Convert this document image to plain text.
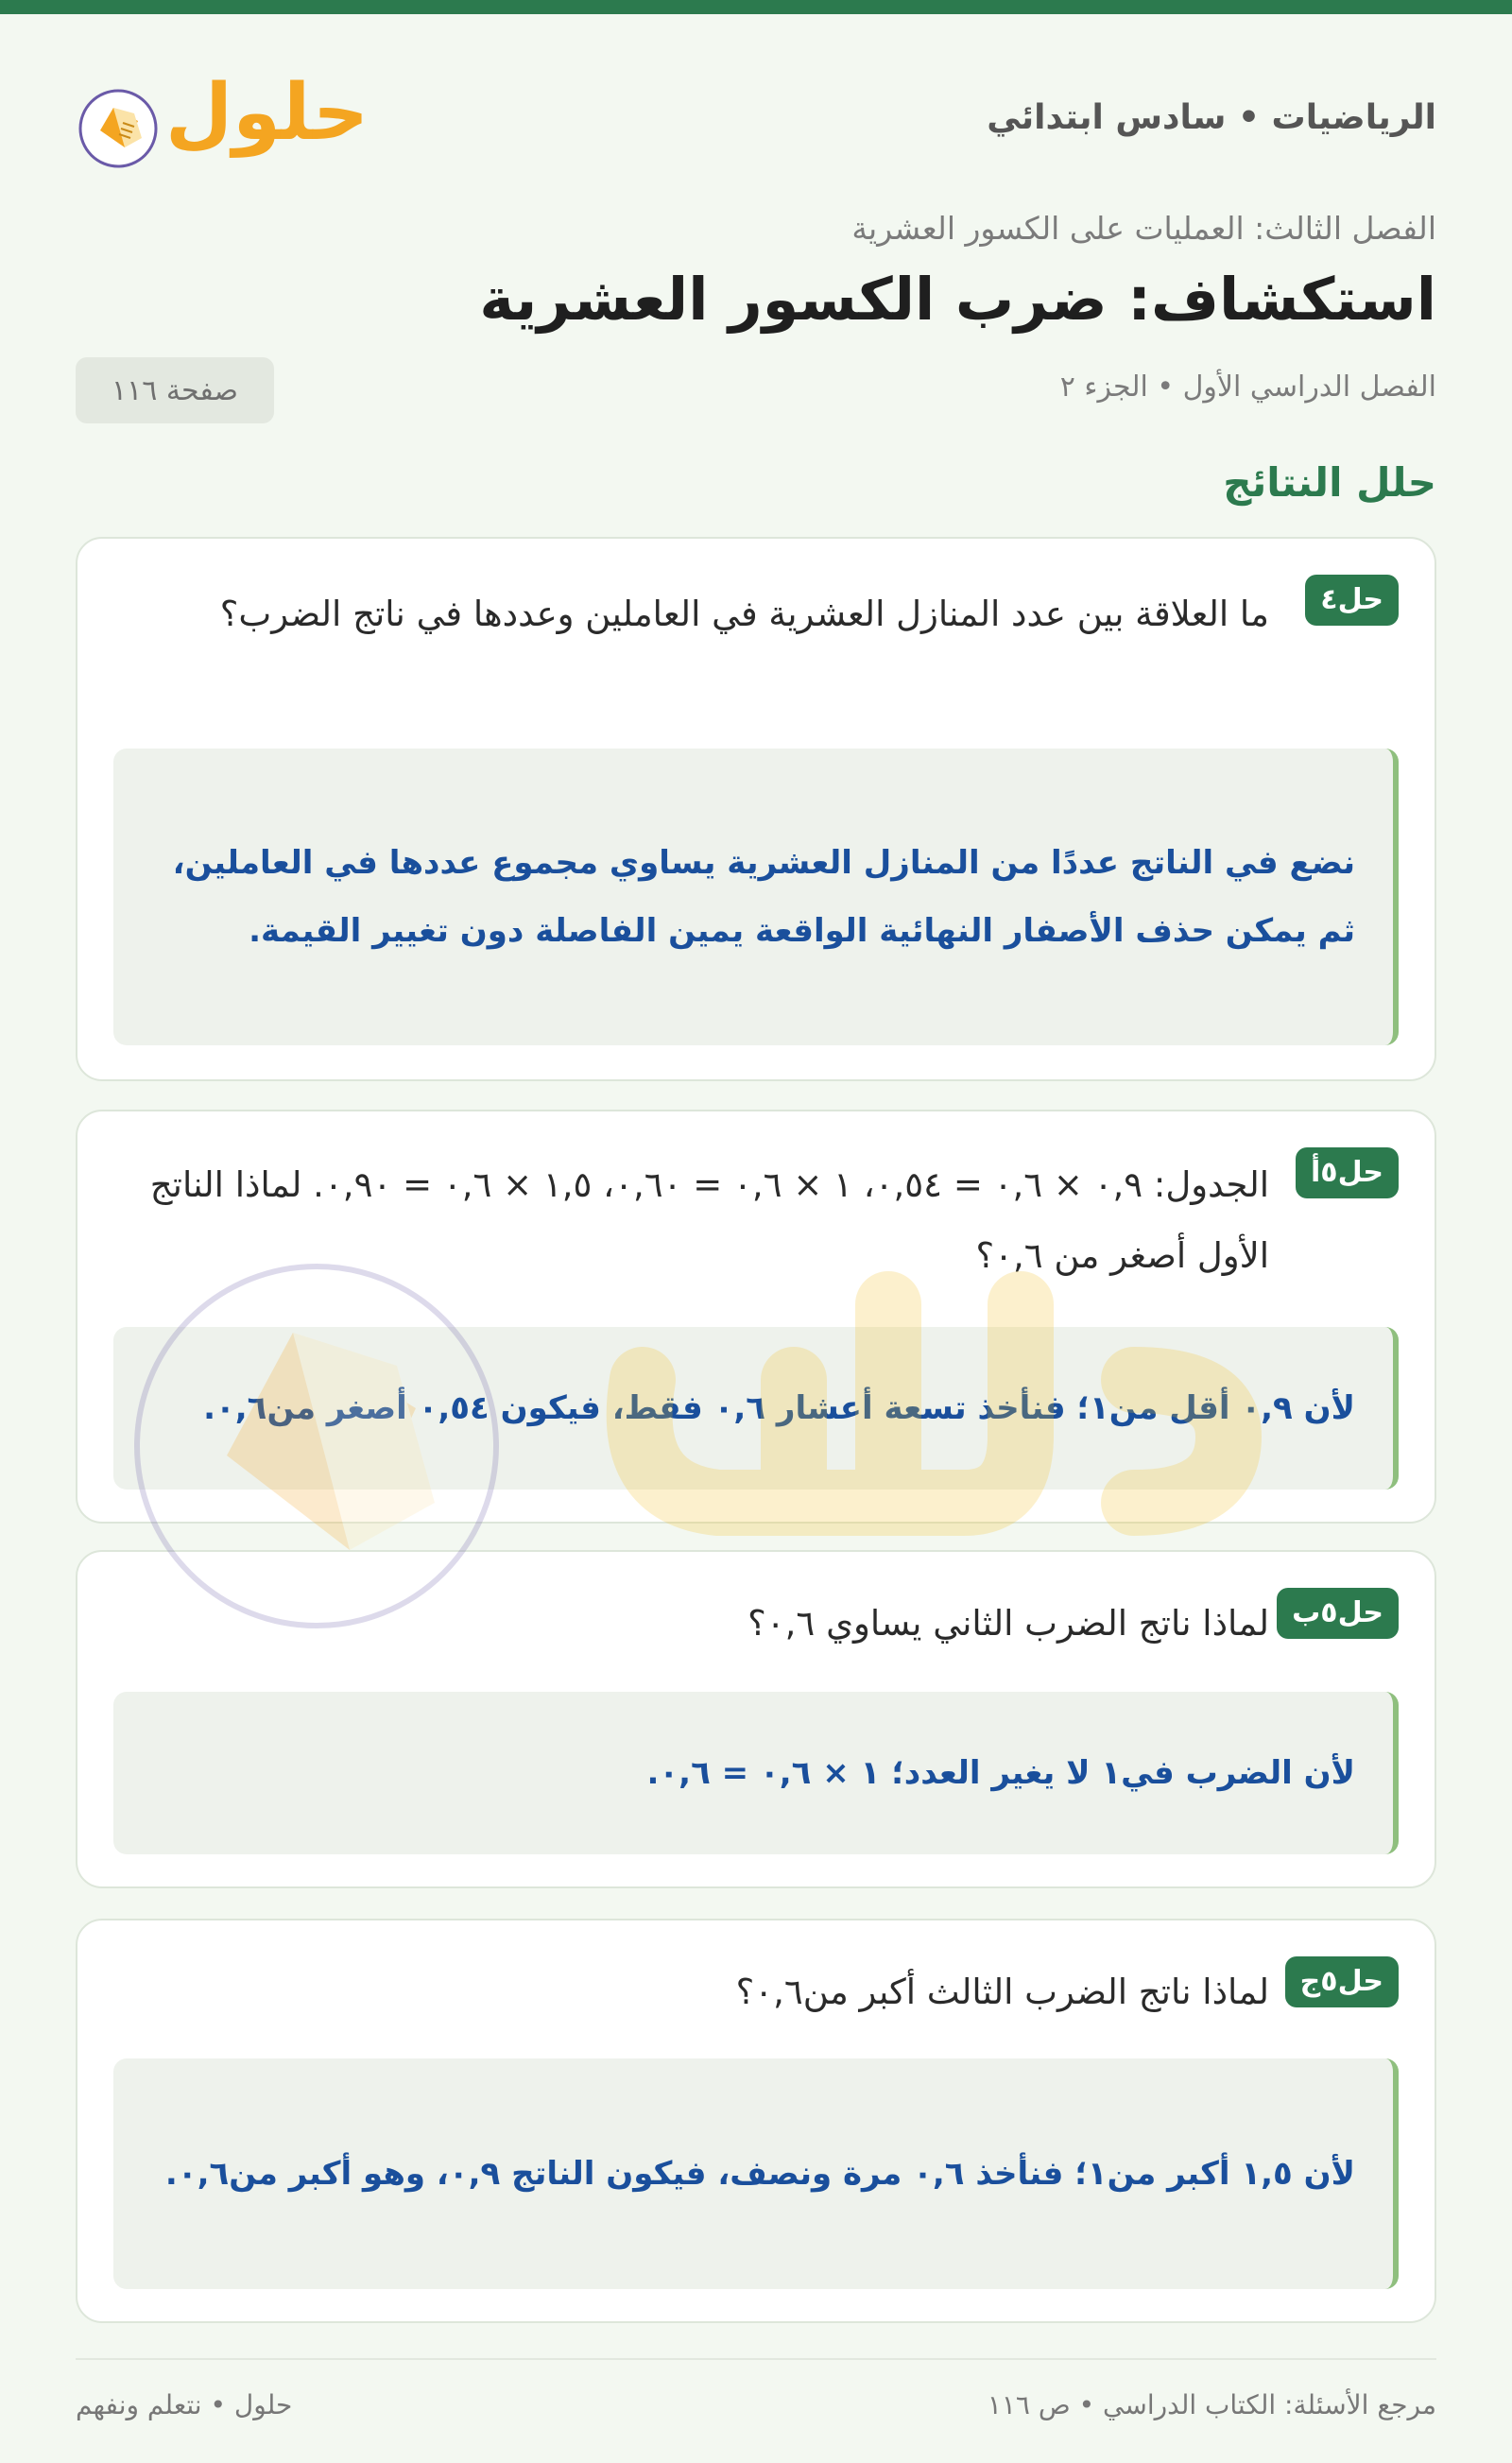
الرياضيات • سادس ابتدائي
حلول
الفصل الثالث: العمليات على الكسور العشرية
استكشاف: ضرب الكسور العشرية
الفصل الدراسي الأول • الجزء ٢
صفحة ١١٦
حلل النتائج
حل٤
ما العلاقة بين عدد المنازل العشرية في العاملين وعددها في ناتج الضرب؟
نضع في الناتج عددًا من المنازل العشرية يساوي مجموع عددها في العاملين، ثم يمكن حذف الأصفار النهائية الواقعة يمين الفاصلة دون تغيير القيمة.
حل٥أ
الجدول: ٠,٩ × ٠,٦ = ٠,٥٤، ١ × ٠,٦ = ٠,٦٠، ١,٥ × ٠,٦ = ٠,٩٠. لماذا الناتج الأول أصغر من ٠,٦؟
لأن ٠,٩ أقل من١؛ فنأخذ تسعة أعشار ٠,٦ فقط، فيكون ٠,٥٤ أصغر من٠,٦.
حل٥ب
لماذا ناتج الضرب الثاني يساوي ٠,٦؟
لأن الضرب في١ لا يغير العدد؛ ١ × ٠,٦ = ٠,٦.
حل٥ج
لماذا ناتج الضرب الثالث أكبر من٠,٦؟
لأن ١,٥ أكبر من١؛ فنأخذ ٠,٦ مرة ونصف، فيكون الناتج ٠,٩، وهو أكبر من٠,٦.
مرجع الأسئلة: الكتاب الدراسي • ص ١١٦
حلول • نتعلم ونفهم
